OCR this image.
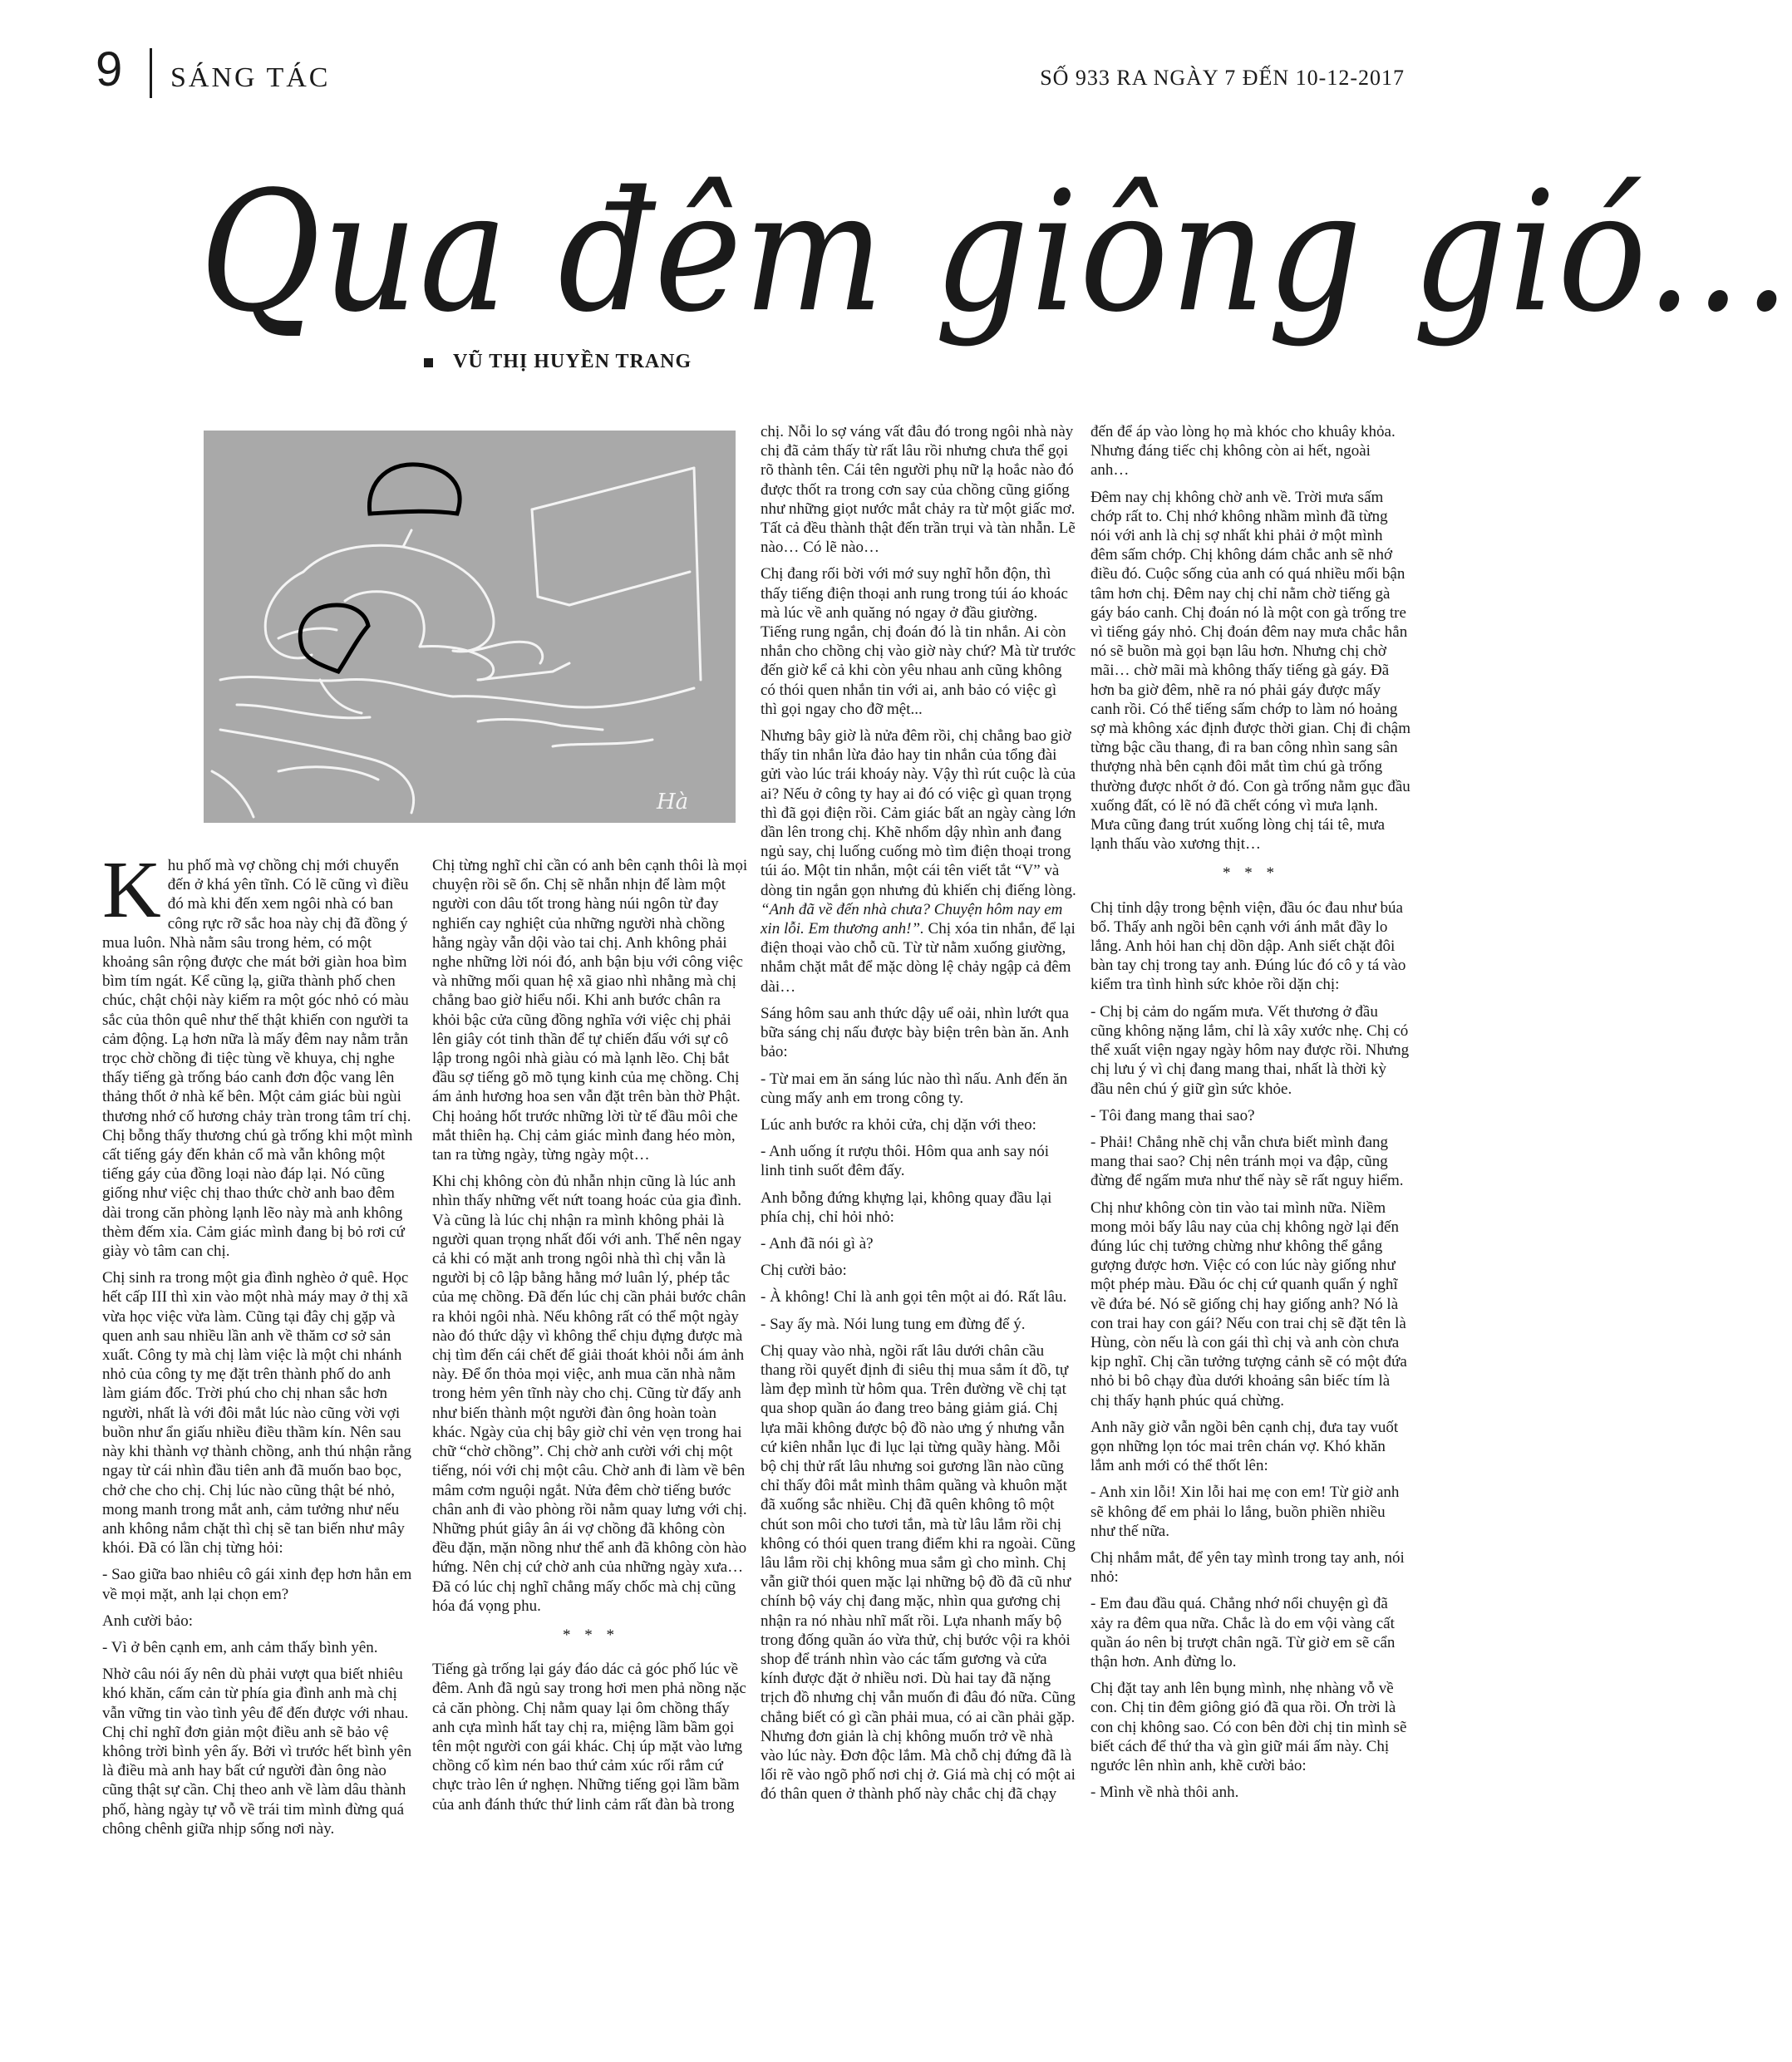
9 SÁNG TÁC	SỐ 933 RA NGÀY 7 ĐẾN 10-12-2017
Qua đêm giông gió...
VŨ THỊ HUYỀN TRANG
Hà

Khu phố mà vợ chồng chị mới chuyển đến ở khá yên tĩnh. Có lẽ cũng vì điều đó mà khi đến xem ngôi nhà có ban công rực rỡ sắc hoa này chị đã đồng ý mua luôn. Nhà nằm sâu trong hẻm, có một khoảng sân rộng được che mát bởi giàn hoa bìm bìm tím ngát. Kể cũng lạ, giữa thành phố chen chúc, chật chội này kiếm ra một góc nhỏ có màu sắc của thôn quê như thế thật khiến con người ta cảm động. Lạ hơn nữa là mấy đêm nay nằm trằn trọc chờ chồng đi tiệc tùng về khuya, chị nghe thấy tiếng gà trống báo canh đơn độc vang lên thảng thốt ở nhà kế bên. Một cảm giác bùi ngùi thương nhớ cố hương chảy tràn trong tâm trí chị. Chị bỗng thấy thương chú gà trống khi một mình cất tiếng gáy đến khản cổ mà vẫn không một tiếng gáy của đồng loại nào đáp lại. Nó cũng giống như việc chị thao thức chờ anh bao đêm dài trong căn phòng lạnh lẽo này mà anh không thèm đếm xỉa. Cảm giác mình đang bị bỏ rơi cứ giày vò tâm can chị.

Chị sinh ra trong một gia đình nghèo ở quê. Học hết cấp III thì xin vào một nhà máy may ở thị xã vừa học việc vừa làm. Cũng tại đây chị gặp và quen anh sau nhiều lần anh về thăm cơ sở sản xuất. Công ty mà chị làm việc là một chi nhánh nhỏ của công ty mẹ đặt trên thành phố do anh làm giám đốc. Trời phú cho chị nhan sắc hơn người, nhất là với đôi mắt lúc nào cũng vời vợi buồn như ẩn giấu nhiều điều thầm kín. Nên sau này khi thành vợ thành chồng, anh thú nhận rằng ngay từ cái nhìn đầu tiên anh đã muốn bao bọc, chở che cho chị. Chị lúc nào cũng thật bé nhỏ, mong manh trong mắt anh, cảm tưởng như nếu anh không nắm chặt thì chị sẽ tan biến như mây khói. Đã có lần chị từng hỏi:

- Sao giữa bao nhiêu cô gái xinh đẹp hơn hẳn em về mọi mặt, anh lại chọn em?

Anh cười bảo:

- Vì ở bên cạnh em, anh cảm thấy bình yên.

Nhờ câu nói ấy nên dù phải vượt qua biết nhiêu khó khăn, cấm cản từ phía gia đình anh mà chị vẫn vững tin vào tình yêu để đến được với nhau. Chị chỉ nghĩ đơn giản một điều anh sẽ bảo vệ không trời bình yên ấy. Bởi vì trước hết bình yên là điều mà anh hay bất cứ người đàn ông nào cũng thật sự cần. Chị theo anh về làm dâu thành phố, hàng ngày tự vỗ về trái tim mình đừng quá chông chênh giữa nhịp sống nơi này.

Chị từng nghĩ chỉ cần có anh bên cạnh thôi là mọi chuyện rồi sẽ ổn. Chị sẽ nhẫn nhịn để làm một người con dâu tốt trong hàng núi ngôn từ đay nghiến cay nghiệt của những người nhà chồng hằng ngày vẫn dội vào tai chị. Anh không phải nghe những lời nói đó, anh bận bịu với công việc và những mối quan hệ xã giao nhì nhằng mà chị chẳng bao giờ hiểu nổi. Khi anh bước chân ra khỏi bậc cửa cũng đồng nghĩa với việc chị phải lên giây cót tinh thần để tự chiến đấu với sự cô lập trong ngôi nhà giàu có mà lạnh lẽo. Chị bắt đầu sợ tiếng gõ mõ tụng kinh của mẹ chồng. Chị ám ảnh hương hoa sen vẫn đặt trên bàn thờ Phật. Chị hoảng hốt trước những lời từ tế đầu môi che mắt thiên hạ. Chị cảm giác mình đang héo mòn, tan ra từng ngày, từng ngày một…

Khi chị không còn đủ nhẫn nhịn cũng là lúc anh nhìn thấy những vết nứt toang hoác của gia đình. Và cũng là lúc chị nhận ra mình không phải là người quan trọng nhất đối với anh. Thế nên ngay cả khi có mặt anh trong ngôi nhà thì chị vẫn là người bị cô lập bằng hằng mớ luân lý, phép tắc của mẹ chồng. Đã đến lúc chị cần phải bước chân ra khỏi ngôi nhà. Nếu không rất có thể một ngày nào đó thức dậy vì không thể chịu đựng được mà chị tìm đến cái chết để giải thoát khỏi nỗi ám ảnh này. Để ổn thỏa mọi việc, anh mua căn nhà nằm trong hẻm yên tĩnh này cho chị. Cũng từ đấy anh như biến thành một người đàn ông hoàn toàn khác. Ngày của chị bây giờ chỉ vẻn vẹn trong hai chữ “chờ chồng”. Chị chờ anh cười với chị một tiếng, nói với chị một câu. Chờ anh đi làm về bên mâm cơm nguội ngắt. Nửa đêm chờ tiếng bước chân anh đi vào phòng rồi nằm quay lưng với chị. Những phút giây ân ái vợ chồng đã không còn đều đặn, mặn nồng như thể anh đã không còn hào hứng. Nên chị cứ chờ anh của những ngày xưa… Đã có lúc chị nghĩ chẳng mấy chốc mà chị cũng hóa đá vọng phu.

* * *

Tiếng gà trống lại gáy đáo dác cả góc phố lúc về đêm. Anh đã ngủ say trong hơi men phả nồng nặc cả căn phòng. Chị nằm quay lại ôm chồng thấy anh cựa mình hất tay chị ra, miệng lầm bầm gọi tên một người con gái khác. Chị úp mặt vào lưng chồng cố kìm nén bao thứ cảm xúc rối rắm cứ chực trào lên ứ nghẹn. Những tiếng gọi lầm bầm của anh đánh thức thứ linh cảm rất đàn bà trong

chị. Nỗi lo sợ váng vất đâu đó trong ngôi nhà này chị đã cảm thấy từ rất lâu rồi nhưng chưa thể gọi rõ thành tên. Cái tên người phụ nữ lạ hoắc nào đó được thốt ra trong cơn say của chồng cũng giống như những giọt nước mắt chảy ra từ một giấc mơ. Tất cả đều thành thật đến trần trụi và tàn nhẫn. Lẽ nào… Có lẽ nào…

Chị đang rối bời với mớ suy nghĩ hỗn độn, thì thấy tiếng điện thoại anh rung trong túi áo khoác mà lúc về anh quăng nó ngay ở đầu giường. Tiếng rung ngắn, chị đoán đó là tin nhắn. Ai còn nhắn cho chồng chị vào giờ này chứ? Mà từ trước đến giờ kể cả khi còn yêu nhau anh cũng không có thói quen nhắn tin với ai, anh bảo có việc gì thì gọi ngay cho đỡ mệt...

Nhưng bây giờ là nửa đêm rồi, chị chẳng bao giờ thấy tin nhắn lừa đảo hay tin nhắn của tổng đài gửi vào lúc trái khoáy này. Vậy thì rút cuộc là của ai? Nếu ở công ty hay ai đó có việc gì quan trọng thì đã gọi điện rồi. Cảm giác bất an ngày càng lớn dần lên trong chị. Khẽ nhổm dậy nhìn anh đang ngủ say, chị luống cuống mò tìm điện thoại trong túi áo. Một tin nhắn, một cái tên viết tắt “V” và dòng tin ngắn gọn nhưng đủ khiến chị điếng lòng. “Anh đã về đến nhà chưa? Chuyện hôm nay em xin lỗi. Em thương anh!”. Chị xóa tin nhắn, để lại điện thoại vào chỗ cũ. Từ từ nằm xuống giường, nhắm chặt mắt để mặc dòng lệ chảy ngập cả đêm dài…

Sáng hôm sau anh thức dậy uể oải, nhìn lướt qua bữa sáng chị nấu được bày biện trên bàn ăn. Anh bảo:

- Từ mai em ăn sáng lúc nào thì nấu. Anh đến ăn cùng mấy anh em trong công ty.

Lúc anh bước ra khỏi cửa, chị dặn với theo:

- Anh uống ít rượu thôi. Hôm qua anh say nói linh tinh suốt đêm đấy.

Anh bỗng đứng khựng lại, không quay đầu lại phía chị, chỉ hỏi nhỏ:

- Anh đã nói gì à?

Chị cười bảo:

- À không! Chỉ là anh gọi tên một ai đó. Rất lâu.

- Say ấy mà. Nói lung tung em đừng để ý.

Chị quay vào nhà, ngồi rất lâu dưới chân cầu thang rồi quyết định đi siêu thị mua sắm ít đồ, tự làm đẹp mình từ hôm qua. Trên đường về chị tạt qua shop quần áo đang treo bảng giảm giá. Chị lựa mãi không được bộ đồ nào ưng ý nhưng vẫn cứ kiên nhẫn lục đi lục lại từng quầy hàng. Mỗi bộ chị thử rất lâu nhưng soi gương lần nào cũng chỉ thấy đôi mắt mình thâm quầng và khuôn mặt đã xuống sắc nhiều. Chị đã quên không tô một chút son môi cho tươi tắn, mà từ lâu lắm rồi chị không có thói quen trang điểm khi ra ngoài. Cũng lâu lắm rồi chị không mua sắm gì cho mình. Chị vẫn giữ thói quen mặc lại những bộ đồ đã cũ như chính bộ váy chị đang mặc, nhìn qua gương chị nhận ra nó nhàu nhĩ mất rồi. Lựa nhanh mấy bộ trong đống quần áo vừa thử, chị bước vội ra khỏi shop để tránh nhìn vào các tấm gương và cửa kính được đặt ở nhiều nơi. Dù hai tay đã nặng trịch đồ nhưng chị vẫn muốn đi đâu đó nữa. Cũng chẳng biết có gì cần phải mua, có ai cần phải gặp. Nhưng đơn giản là chị không muốn trở về nhà vào lúc này. Đơn độc lắm. Mà chỗ chị đứng đã là lối rẽ vào ngõ phố nơi chị ở. Giá mà chị có một ai đó thân quen ở thành phố này chắc chị đã chạy

đến để áp vào lòng họ mà khóc cho khuây khỏa. Nhưng đáng tiếc chị không còn ai hết, ngoài anh…

Đêm nay chị không chờ anh về. Trời mưa sấm chớp rất to. Chị nhớ không nhầm mình đã từng nói với anh là chị sợ nhất khi phải ở một mình đêm sấm chớp. Chị không dám chắc anh sẽ nhớ điều đó. Cuộc sống của anh có quá nhiều mối bận tâm hơn chị. Đêm nay chị chỉ nằm chờ tiếng gà gáy báo canh. Chị đoán nó là một con gà trống tre vì tiếng gáy nhỏ. Chị đoán đêm nay mưa chắc hẳn nó sẽ buồn mà gọi bạn lâu hơn. Nhưng chị chờ mãi… chờ mãi mà không thấy tiếng gà gáy. Đã hơn ba giờ đêm, nhẽ ra nó phải gáy được mấy canh rồi. Có thể tiếng sấm chớp to làm nó hoảng sợ mà không xác định được thời gian. Chị đi chậm từng bậc cầu thang, đi ra ban công nhìn sang sân thượng nhà bên cạnh đôi mắt tìm chú gà trống thường được nhốt ở đó. Con gà trống nằm gục đầu xuống đất, có lẽ nó đã chết cóng vì mưa lạnh. Mưa cũng đang trút xuống lòng chị tái tê, mưa lạnh thấu vào xương thịt…

* * *

Chị tỉnh dậy trong bệnh viện, đầu óc đau như búa bổ. Thấy anh ngồi bên cạnh với ánh mắt đầy lo lắng. Anh hỏi han chị dồn dập. Anh siết chặt đôi bàn tay chị trong tay anh. Đúng lúc đó cô y tá vào kiểm tra tình hình sức khỏe rồi dặn chị:

- Chị bị cảm do ngấm mưa. Vết thương ở đầu cũng không nặng lắm, chỉ là xây xước nhẹ. Chị có thể xuất viện ngay ngày hôm nay được rồi. Nhưng chị lưu ý vì chị đang mang thai, nhất là thời kỳ đầu nên chú ý giữ gìn sức khỏe.

- Tôi đang mang thai sao?

- Phải! Chẳng nhẽ chị vẫn chưa biết mình đang mang thai sao? Chị nên tránh mọi va đập, cũng đừng để ngấm mưa như thế này sẽ rất nguy hiểm.

Chị như không còn tin vào tai mình nữa. Niềm mong mỏi bấy lâu nay của chị không ngờ lại đến đúng lúc chị tưởng chừng như không thể gắng gượng được hơn. Việc có con lúc này giống như một phép màu. Đầu óc chị cứ quanh quẩn ý nghĩ về đứa bé. Nó sẽ giống chị hay giống anh? Nó là con trai hay con gái? Nếu con trai chị sẽ đặt tên là Hùng, còn nếu là con gái thì chị và anh còn chưa kịp nghĩ. Chị cần tưởng tượng cảnh sẽ có một đứa nhỏ bi bô chạy đùa dưới khoảng sân biếc tím là chị thấy hạnh phúc quá chừng.

Anh nãy giờ vẫn ngồi bên cạnh chị, đưa tay vuốt gọn những lọn tóc mai trên chán vợ. Khó khăn lắm anh mới có thể thốt lên:

- Anh xin lỗi! Xin lỗi hai mẹ con em! Từ giờ anh sẽ không để em phải lo lắng, buồn phiền nhiều như thế nữa.

Chị nhắm mắt, để yên tay mình trong tay anh, nói nhỏ:

- Em đau đầu quá. Chẳng nhớ nổi chuyện gì đã xảy ra đêm qua nữa. Chắc là do em vội vàng cất quần áo nên bị trượt chân ngã. Từ giờ em sẽ cẩn thận hơn. Anh đừng lo.

Chị đặt tay anh lên bụng mình, nhẹ nhàng vỗ về con. Chị tin đêm giông gió đã qua rồi. Ơn trời là con chị không sao. Có con bên đời chị tin mình sẽ biết cách để thứ tha và gìn giữ mái ấm này. Chị ngước lên nhìn anh, khẽ cười bảo:

- Mình về nhà thôi anh.
